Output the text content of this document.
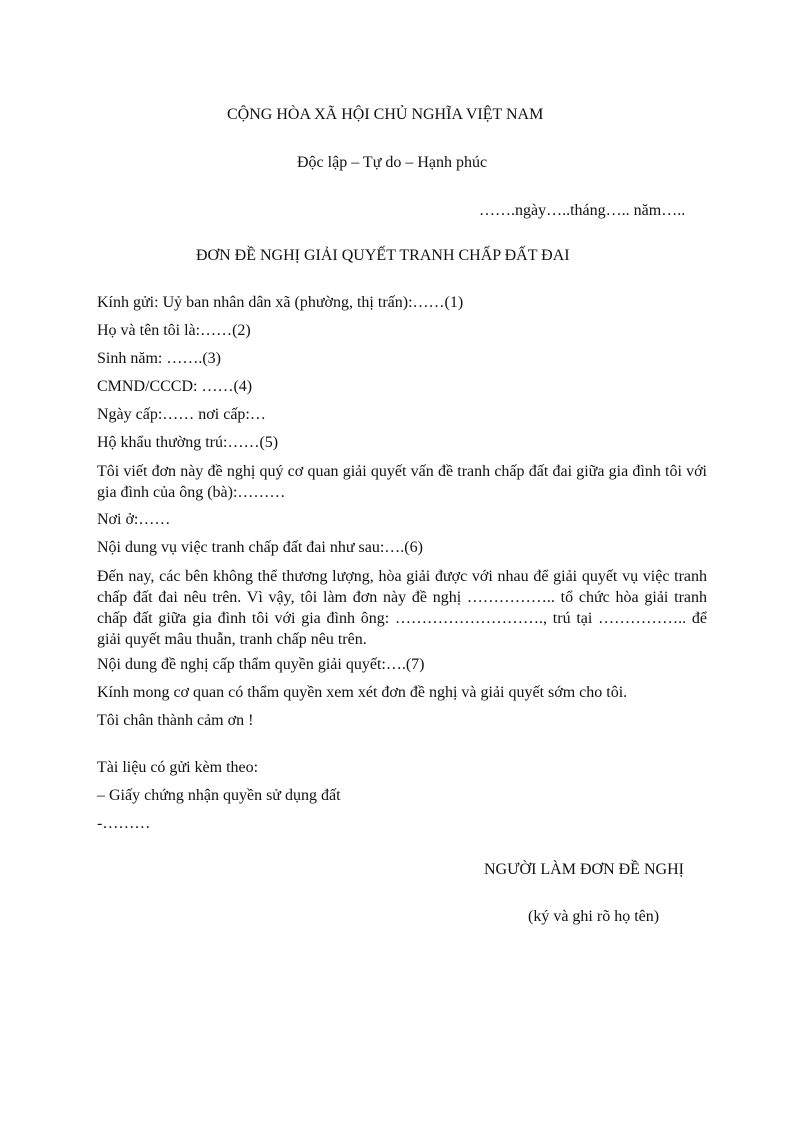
CỘNG HÒA XÃ HỘI CHỦ NGHĨA VIỆT NAM
Độc lập – Tự do – Hạnh phúc
…….ngày…..tháng….. năm…..
ĐƠN ĐỀ NGHỊ GIẢI QUYẾT TRANH CHẤP ĐẤT ĐAI
Kính gửi: Uỷ ban nhân dân xã (phường, thị trấn):……(1)
Họ và tên tôi là:……(2)
Sinh năm: …….(3)
CMND/CCCD: ……(4)
Ngày cấp:…… nơi cấp:…
Hộ khẩu thường trú:……(5)
Tôi viết đơn này đề nghị quý cơ quan giải quyết vấn đề tranh chấp đất đai giữa gia đình tôi với gia đình của ông (bà):………
Nơi ở:……
Nội dung vụ việc tranh chấp đất đai như sau:….(6)
Đến nay, các bên không thể thương lượng, hòa giải được với nhau để giải quyết vụ việc tranh chấp đất đai nêu trên. Vì vậy, tôi làm đơn này đề nghị …………….. tổ chức hòa giải tranh chấp đất giữa gia đình tôi với gia đình ông: ………………………., trú tại …………….. để giải quyết mâu thuẫn, tranh chấp nêu trên.
Nội dung đề nghị cấp thẩm quyền giải quyết:….(7)
Kính mong cơ quan có thẩm quyền xem xét đơn đề nghị và giải quyết sớm cho tôi.
Tôi chân thành cảm ơn !
Tài liệu có gửi kèm theo:
– Giấy chứng nhận quyền sử dụng đất
-………
NGƯỜI LÀM ĐƠN ĐỀ NGHỊ
(ký và ghi rõ họ tên)
